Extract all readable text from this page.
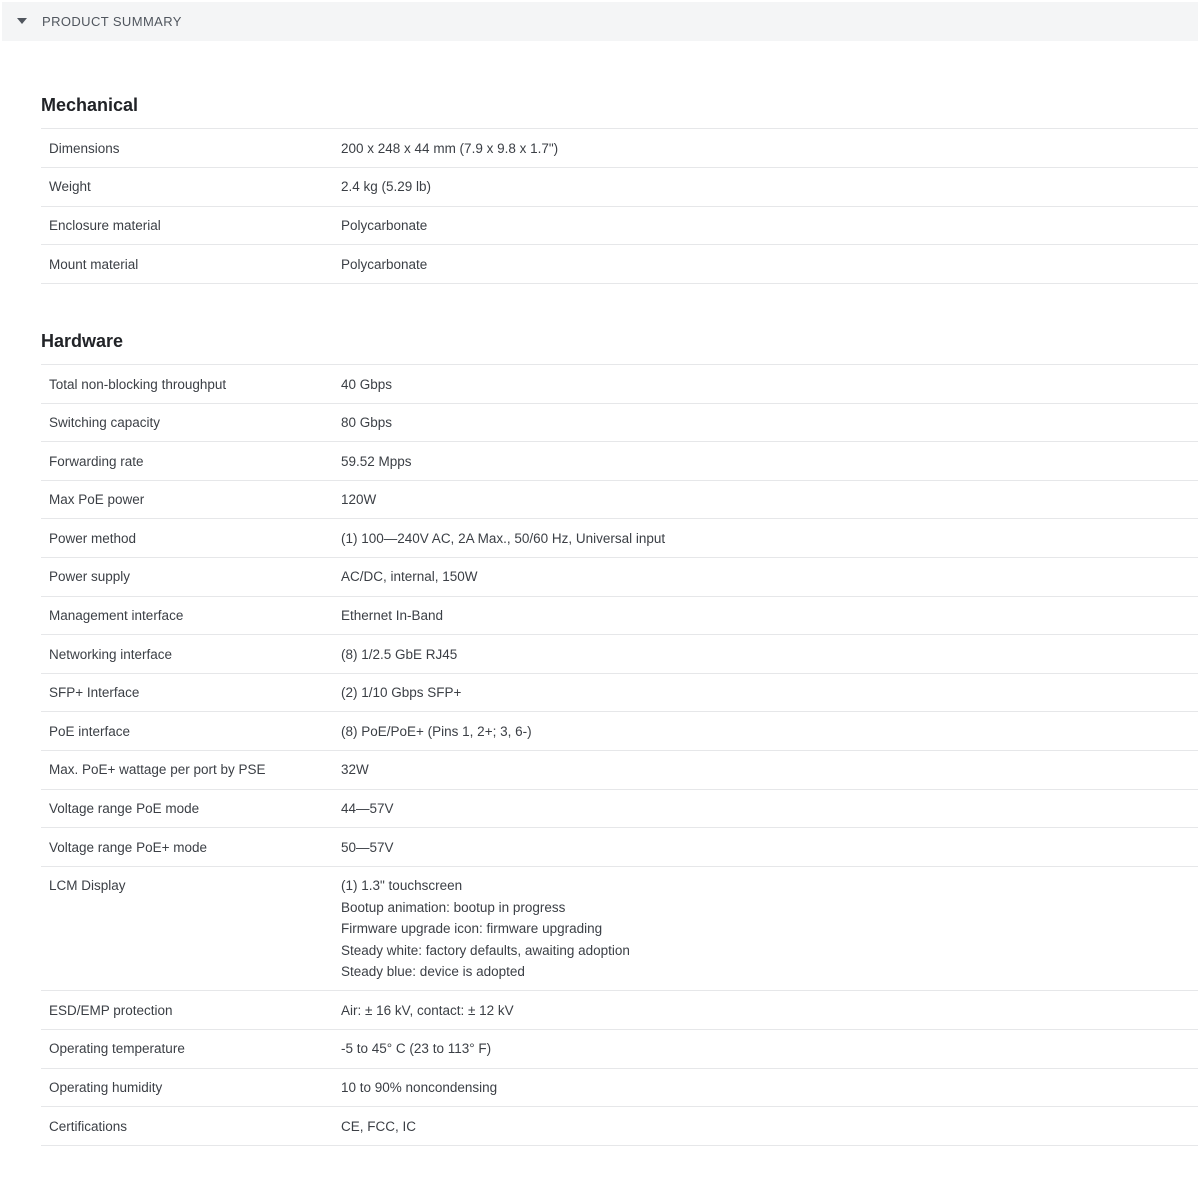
PRODUCT SUMMARY
Mechanical
Dimensions	200 x 248 x 44 mm (7.9 x 9.8 x 1.7")
Weight	2.4 kg (5.29 lb)
Enclosure material	Polycarbonate
Mount material	Polycarbonate
Hardware
Total non-blocking throughput	40 Gbps
Switching capacity	80 Gbps
Forwarding rate	59.52 Mpps
Max PoE power	120W
Power method	(1) 100—240V AC, 2A Max., 50/60 Hz, Universal input
Power supply	AC/DC, internal, 150W
Management interface	Ethernet In-Band
Networking interface	(8) 1/2.5 GbE RJ45
SFP+ Interface	(2) 1/10 Gbps SFP+
PoE interface	(8) PoE/PoE+ (Pins 1, 2+; 3, 6-)
Max. PoE+ wattage per port by PSE	32W
Voltage range PoE mode	44—57V
Voltage range PoE+ mode	50—57V
LCM Display	(1) 1.3" touchscreen
Bootup animation: bootup in progress
Firmware upgrade icon: firmware upgrading
Steady white: factory defaults, awaiting adoption
Steady blue: device is adopted
ESD/EMP protection	Air: ± 16 kV, contact: ± 12 kV
Operating temperature	-5 to 45° C (23 to 113° F)
Operating humidity	10 to 90% noncondensing
Certifications	CE, FCC, IC
